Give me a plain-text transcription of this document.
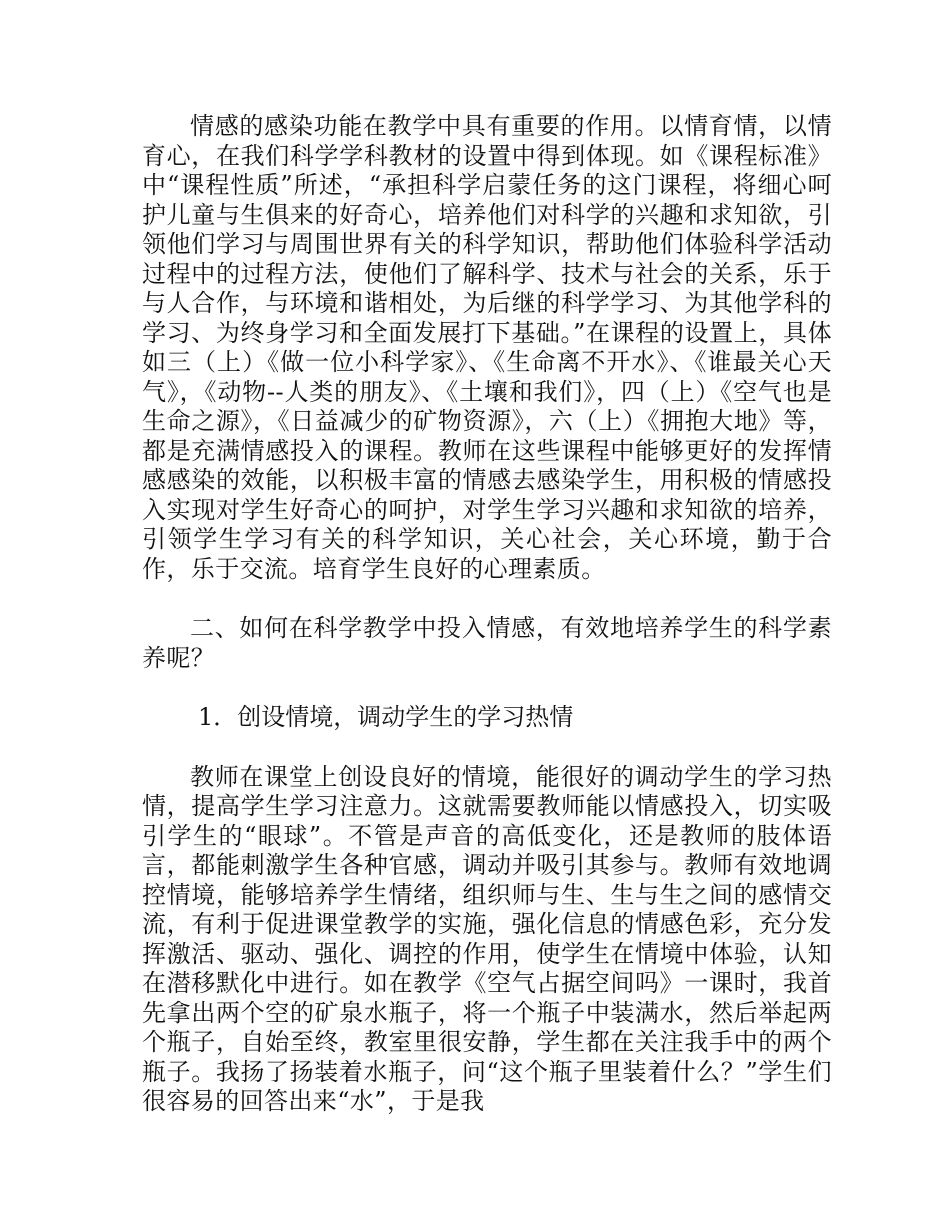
情感的感染功能在教学中具有重要的作用。以情育情，以情育心，在我们科学学科教材的设置中得到体现。如《课程标准》中“课程性质”所述，“承担科学启蒙任务的这门课程，将细心呵护儿童与生俱来的好奇心，培养他们对科学的兴趣和求知欲，引领他们学习与周围世界有关的科学知识，帮助他们体验科学活动过程中的过程方法，使他们了解科学、技术与社会的关系，乐于与人合作，与环境和谐相处，为后继的科学学习、为其他学科的学习、为终身学习和全面发展打下基础。”在课程的设置上，具体如三（上）《做一位小科学家》、《生命离不开水》、《谁最关心天气》，《动物--人类的朋友》、《土壤和我们》，四（上）《空气也是生命之源》，《日益减少的矿物资源》，六（上）《拥抱大地》等，都是充满情感投入的课程。教师在这些课程中能够更好的发挥情感感染的效能，以积极丰富的情感去感染学生，用积极的情感投入实现对学生好奇心的呵护，对学生学习兴趣和求知欲的培养，引领学生学习有关的科学知识，关心社会，关心环境，勤于合作，乐于交流。培育学生良好的心理素质。

二、如何在科学教学中投入情感，有效地培养学生的科学素养呢？

1．创设情境，调动学生的学习热情

教师在课堂上创设良好的情境，能很好的调动学生的学习热情，提高学生学习注意力。这就需要教师能以情感投入，切实吸引学生的“眼球”。不管是声音的高低变化，还是教师的肢体语言，都能刺激学生各种官感，调动并吸引其参与。教师有效地调控情境，能够培养学生情绪，组织师与生、生与生之间的感情交流，有利于促进课堂教学的实施，强化信息的情感色彩，充分发挥激活、驱动、强化、调控的作用，使学生在情境中体验，认知在潜移默化中进行。如在教学《空气占据空间吗》一课时，我首先拿出两个空的矿泉水瓶子，将一个瓶子中装满水，然后举起两个瓶子，自始至终，教室里很安静，学生都在关注我手中的两个瓶子。我扬了扬装着水瓶子，问“这个瓶子里装着什么？”学生们很容易的回答出来“水”，于是我
